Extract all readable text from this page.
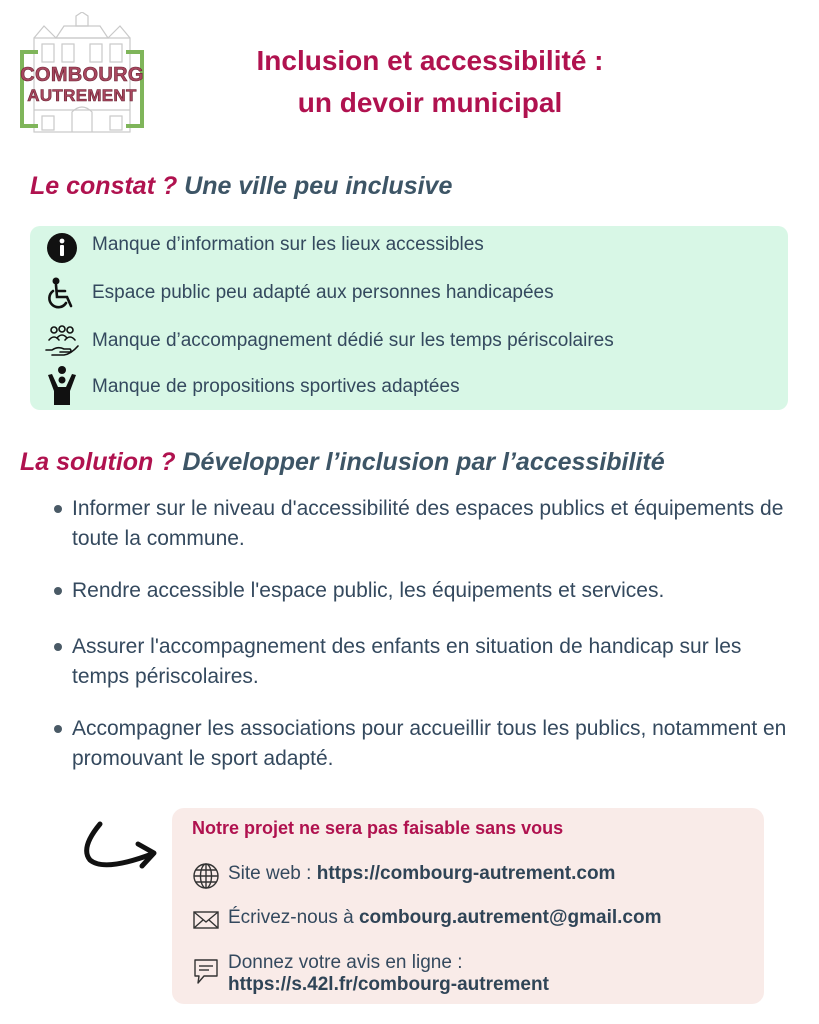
COMBOURG
AUTREMENT
Inclusion et accessibilité :
un devoir municipal
Le constat ? Une ville peu inclusive
Manque d’information sur les lieux accessibles
Espace public peu adapté aux personnes handicapées
Manque d’accompagnement dédié sur les temps périscolaires
Manque de propositions sportives adaptées
La solution ? Développer l’inclusion par l’accessibilité
Informer sur le niveau d'accessibilité des espaces publics et équipements de toute la commune.
Rendre accessible l'espace public, les équipements et services.
Assurer l'accompagnement des enfants en situation de handicap sur les temps périscolaires.
Accompagner les associations pour accueillir tous les publics, notamment en promouvant le sport adapté.
Notre projet ne sera pas faisable sans vous
Site web : https://combourg-autrement.com
Écrivez-nous à combourg.autrement@gmail.com
Donnez votre avis en ligne :
https://s.42l.fr/combourg-autrement
